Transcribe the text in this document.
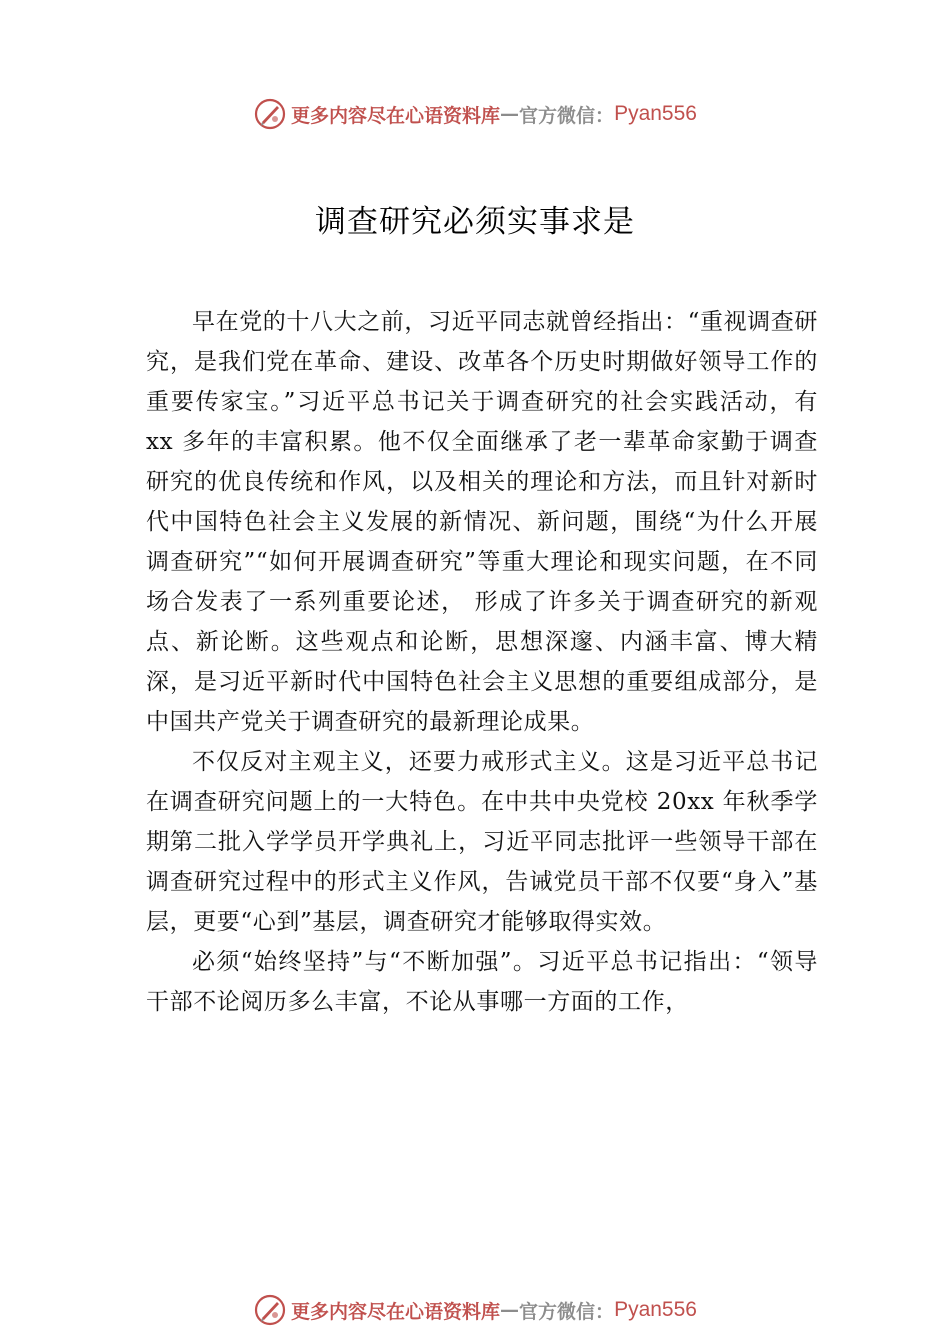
更多内容尽在心语资料库 — 官方微信： Pyan556
调查研究必须实事求是

早在党的十八大之前，习近平同志就曾经指出：“重视调查研究，是我们党在革命、建设、改革各个历史时期做好领导工作的重要传家宝。”习近平总书记关于调查研究的社会实践活动，有 xx 多年的丰富积累。他不仅全面继承了老一辈革命家勤于调查研究的优良传统和作风，以及相关的理论和方法，而且针对新时代中国特色社会主义发展的新情况、新问题，围绕“为什么开展调查研究”“如何开展调查研究”等重大理论和现实问题，在不同场合发表了一系列重要论述， 形成了许多关于调查研究的新观点、新论断。这些观点和论断，思想深邃、内涵丰富、博大精深，是习近平新时代中国特色社会主义思想的重要组成部分，是中国共产党关于调查研究的最新理论成果。

不仅反对主观主义，还要力戒形式主义。这是习近平总书记在调查研究问题上的一大特色。在中共中央党校 20xx 年秋季学期第二批入学学员开学典礼上，习近平同志批评一些领导干部在调查研究过程中的形式主义作风，告诫党员干部不仅要“身入”基层，更要“心到”基层，调查研究才能够取得实效。

必须“始终坚持”与“不断加强”。习近平总书记指出：“领导干部不论阅历多么丰富，不论从事哪一方面的工作，

更多内容尽在心语资料库 — 官方微信： Pyan556
